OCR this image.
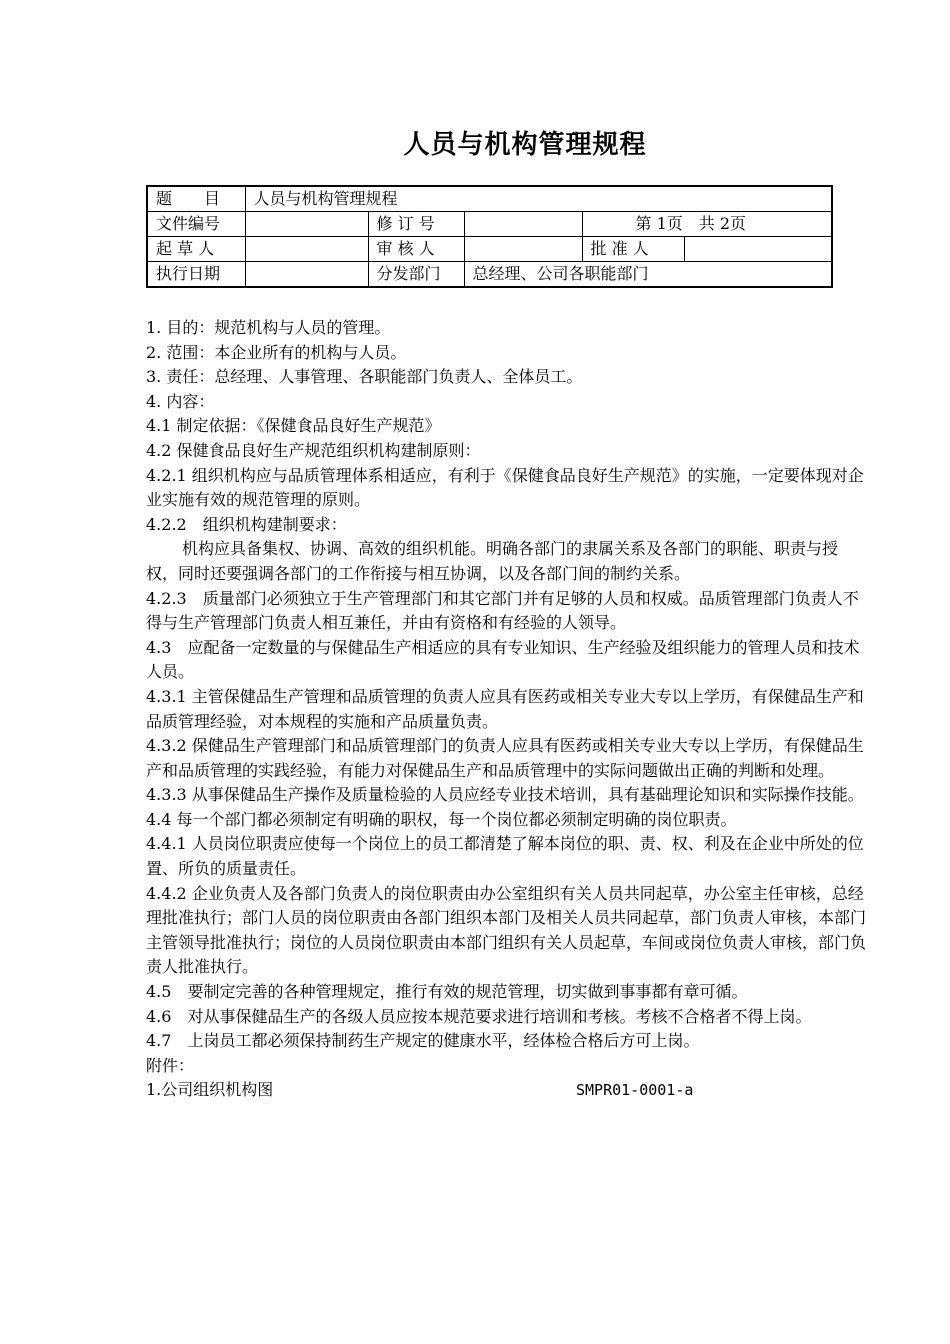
人员与机构管理规程
题　　目	人员与机构管理规程				
文件编号		修 订 号		第 1页　共 2页	
起 草 人		审 核 人		批 准 人	
执行日期		分发部门	总经理、公司各职能部门		
1. 目的：规范机构与人员的管理。
2. 范围：本企业所有的机构与人员。
3. 责任：总经理、人事管理、各职能部门负责人、全体员工。
4. 内容：
4.1 制定依据：《保健食品良好生产规范》
4.2 保健食品良好生产规范组织机构建制原则：
4.2.1 组织机构应与品质管理体系相适应，有利于《保健食品良好生产规范》的实施，一定要体现对企业实施有效的规范管理的原则。
4.2.2　组织机构建制要求：
机构应具备集权、协调、高效的组织机能。明确各部门的隶属关系及各部门的职能、职责与授权，同时还要强调各部门的工作衔接与相互协调，以及各部门间的制约关系。
4.2.3　质量部门必须独立于生产管理部门和其它部门并有足够的人员和权威。品质管理部门负责人不得与生产管理部门负责人相互兼任，并由有资格和有经验的人领导。
4.3　应配备一定数量的与保健品生产相适应的具有专业知识、生产经验及组织能力的管理人员和技术人员。
4.3.1 主管保健品生产管理和品质管理的负责人应具有医药或相关专业大专以上学历，有保健品生产和品质管理经验，对本规程的实施和产品质量负责。
4.3.2 保健品生产管理部门和品质管理部门的负责人应具有医药或相关专业大专以上学历，有保健品生产和品质管理的实践经验，有能力对保健品生产和品质管理中的实际问题做出正确的判断和处理。
4.3.3 从事保健品生产操作及质量检验的人员应经专业技术培训，具有基础理论知识和实际操作技能。
4.4 每一个部门都必须制定有明确的职权，每一个岗位都必须制定明确的岗位职责。
4.4.1 人员岗位职责应使每一个岗位上的员工都清楚了解本岗位的职、责、权、利及在企业中所处的位置、所负的质量责任。
4.4.2 企业负责人及各部门负责人的岗位职责由办公室组织有关人员共同起草，办公室主任审核，总经理批准执行；部门人员的岗位职责由各部门组织本部门及相关人员共同起草，部门负责人审核，本部门主管领导批准执行；岗位的人员岗位职责由本部门组织有关人员起草，车间或岗位负责人审核，部门负责人批准执行。
4.5　要制定完善的各种管理规定，推行有效的规范管理，切实做到事事都有章可循。
4.6　对从事保健品生产的各级人员应按本规范要求进行培训和考核。考核不合格者不得上岗。
4.7　上岗员工都必须保持制药生产规定的健康水平，经体检合格后方可上岗。
附件：
1.公司组织机构图	SMPR01-0001-a
